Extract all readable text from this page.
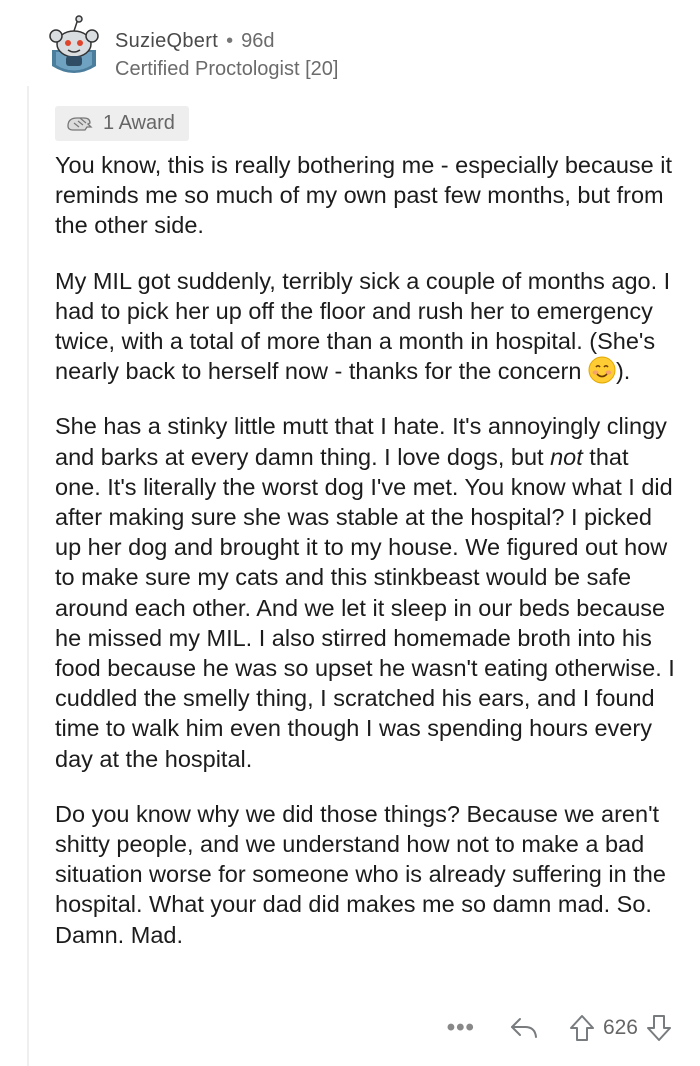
SuzieQbert • 96d
Certified Proctologist [20]
1 Award

You know, this is really bothering me - especially because it reminds me so much of my own past few months, but from the other side.

My MIL got suddenly, terribly sick a couple of months ago. I had to pick her up off the floor and rush her to emergency twice, with a total of more than a month in hospital. (She's nearly back to herself now - thanks for the concern ).

She has a stinky little mutt that I hate. It's annoyingly clingy and barks at every damn thing. I love dogs, but not that one. It's literally the worst dog I've met. You know what I did after making sure she was stable at the hospital? I picked up her dog and brought it to my house. We figured out how to make sure my cats and this stinkbeast would be safe around each other. And we let it sleep in our beds because he missed my MIL. I also stirred homemade broth into his food because he was so upset he wasn't eating otherwise. I cuddled the smelly thing, I scratched his ears, and I found time to walk him even though I was spending hours every day at the hospital.

Do you know why we did those things? Because we aren't shitty people, and we understand how not to make a bad situation worse for someone who is already suffering in the hospital. What your dad did makes me so damn mad. So. Damn. Mad.

•••	626
